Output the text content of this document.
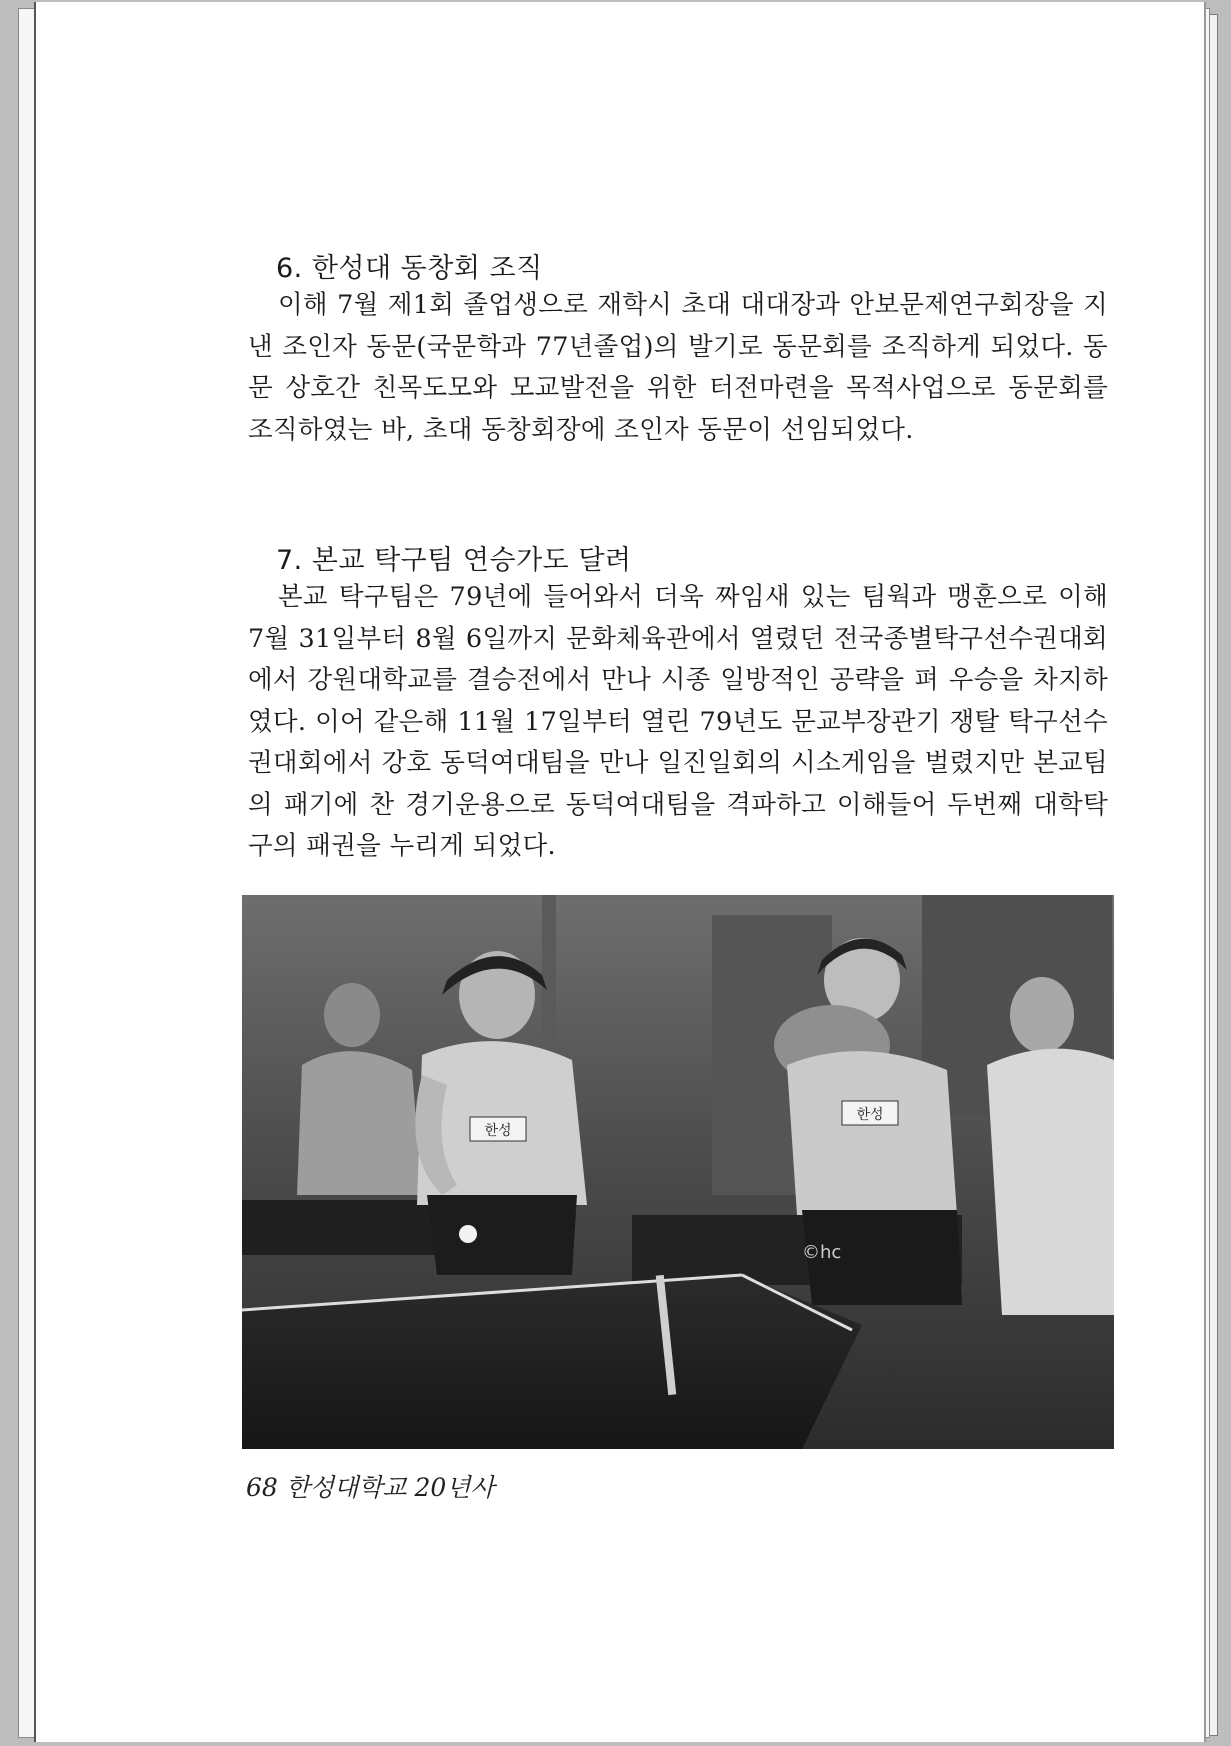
6. 한성대 동창회 조직

이해 7월 제1회 졸업생으로 재학시 초대 대대장과 안보문제연구회장을 지낸 조인자 동문(국문학과 77년졸업)의 발기로 동문회를 조직하게 되었다. 동문 상호간 친목도모와 모교발전을 위한 터전마련을 목적사업으로 동문회를 조직하였는 바, 초대 동창회장에 조인자 동문이 선임되었다.

7. 본교 탁구팀 연승가도 달려

본교 탁구팀은 79년에 들어와서 더욱 짜임새 있는 팀웍과 맹훈으로 이해 7월 31일부터 8월 6일까지 문화체육관에서 열렸던 전국종별탁구선수권대회에서 강원대학교를 결승전에서 만나 시종 일방적인 공략을 펴 우승을 차지하였다. 이어 같은해 11월 17일부터 열린 79년도 문교부장관기 쟁탈 탁구선수권대회에서 강호 동덕여대팀을 만나 일진일회의 시소게임을 벌렸지만 본교팀의 패기에 찬 경기운용으로 동덕여대팀을 격파하고 이해들어 두번째 대학탁구의 패권을 누리게 되었다.

한성
한성
©hc

68 한성대학교 20년사
